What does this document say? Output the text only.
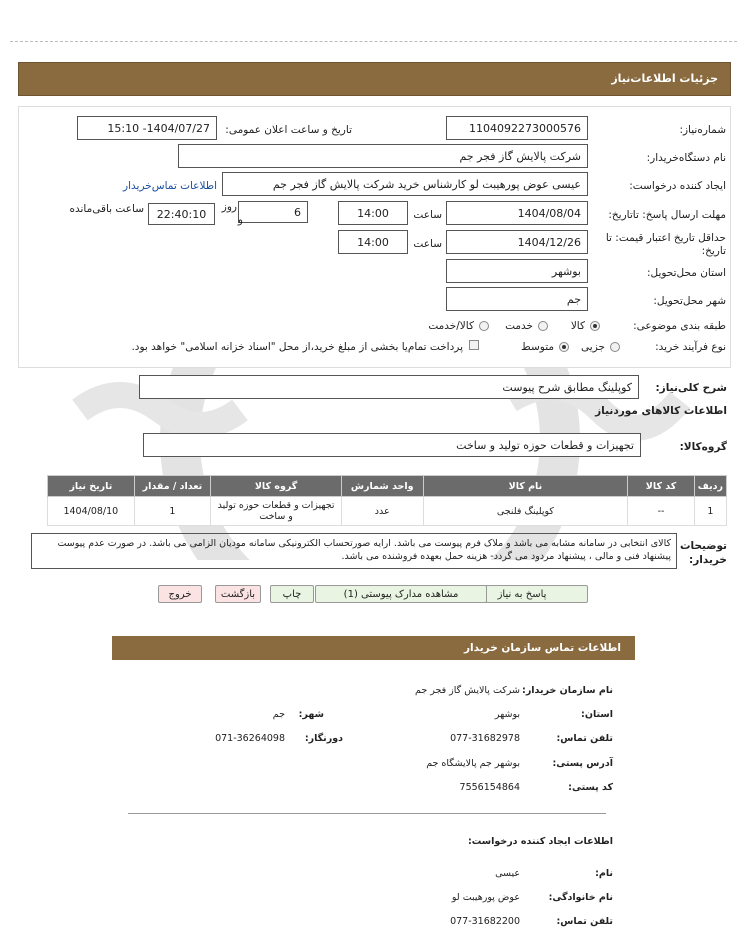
جزئیات اطلاعات‌نیاز
شماره‌نیاز:
1104092273000576
تاریخ و ساعت اعلان عمومی:
1404/07/27- 15:10
نام دستگاه‌خریدار:
شرکت پالایش گاز فجر جم
ایجاد کننده درخواست:
عیسی عوض پورهیبت لو کارشناس خرید شرکت پالایش گاز فجر جم
اطلاعات تماس‌خریدار
مهلت ارسال پاسخ: تاتاریخ:
1404/08/04
ساعت
14:00
6
روز
و
22:40:10
ساعت باقی‌مانده
حداقل تاریخ اعتبار قیمت: تا تاریخ:
1404/12/26
ساعت
14:00
استان محل‌تحویل:
بوشهر
شهر محل‌تحویل:
جم
طبقه بندی موضوعی:
کالا
خدمت
کالا/خدمت
نوع فرآیند خرید:
جزیی
متوسط
پرداخت تمام‌یا بخشی از مبلغ خرید،از محل "اسناد خزانه اسلامی" خواهد بود.
شرح کلی‌نیاز:
کوپلینگ مطابق شرح پیوست
اطلاعات کالاهای موردنیاز
گروه‌کالا:
تجهیزات و قطعات حوزه تولید و ساخت
ردیف	کد کالا	نام کالا	واحد شمارش	گروه کالا	تعداد / مقدار	تاریخ نیاز
1	--	کوپلینگ فلنجی	عدد	تجهیزات و قطعات حوزه تولید و ساخت	1	1404/08/10
توضیحات خریدار:
کالای انتخابی در سامانه مشابه می باشد و ملاک فرم پیوست می باشد. ارایه صورتحساب الکترونیکی سامانه مودیان الزامی می باشد. در صورت عدم پیوست پیشنهاد فنی و مالی ، پیشنهاد مردود می گردد- هزینه حمل بعهده فروشنده می باشد.
پاسخ به نیاز
مشاهده مدارک پیوستی (1)
چاپ
بازگشت
خروج
اطلاعات تماس سازمان خریدار
نام سازمان خریدار:
شرکت پالایش گاز فجر جم
استان:
بوشهر
شهر:
جم
تلفن تماس:
077-31682978
دورنگار:
071-36264098
آدرس پستی:
بوشهر جم پالایشگاه جم
کد پستی:
7556154864
اطلاعات ایجاد کننده درخواست:
نام:
عیسی
نام خانوادگی:
عوض پورهیبت لو
تلفن تماس:
077-31682200
